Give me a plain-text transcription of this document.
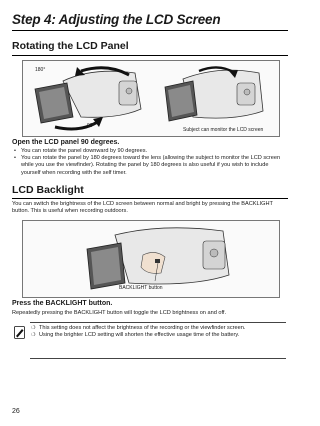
Step 4: Adjusting the LCD Screen
Rotating the LCD Panel
180°
90°
Subject can monitor the LCD screen
Open the LCD panel 90 degrees.
• You can rotate the panel downward by 90 degrees.
• You can rotate the panel by 180 degrees toward the lens (allowing the subject to monitor the LCD screen while you use the viewfinder). Rotating the panel by 180 degrees is also useful if you wish to include yourself when recording with the self timer.
LCD Backlight

You can switch the brightness of the LCD screen between normal and bright by pressing the BACKLIGHT button. This is useful when recording outdoors.

BACKLIGHT button
Press the BACKLIGHT button.

Repeatedly pressing the BACKLIGHT button will toggle the LCD brightness on and off.

❍ This setting does not affect the brightness of the recording or the viewfinder screen.
❍ Using the brighter LCD setting will shorten the effective usage time of the battery.
26
